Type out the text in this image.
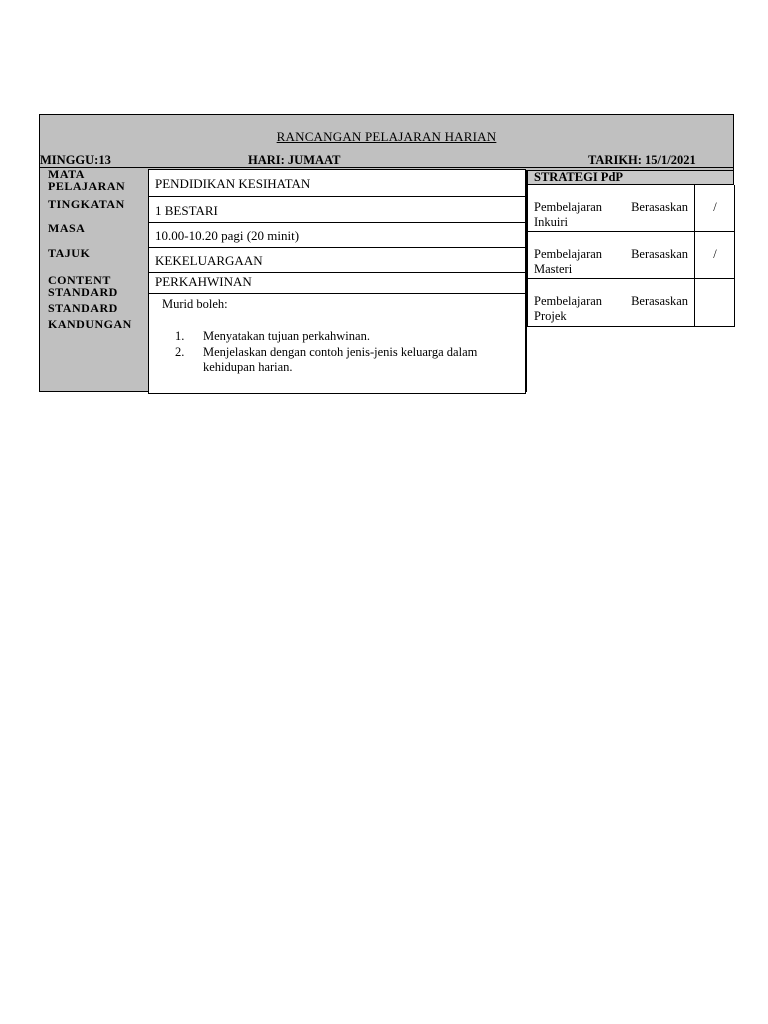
RANCANGAN PELAJARAN HARIAN
MINGGU:13	HARI: JUMAAT	TARIKH: 15/1/2021
MATA
PELAJARAN
TINGKATAN
MASA
TAJUK
CONTENT
STANDARD
STANDARD
KANDUNGAN
PENDIDIKAN KESIHATAN
1 BESTARI
10.00-10.20 pagi (20 minit)
KEKELUARGAAN
PERKAHWINAN
Murid boleh:
1. Menyatakan tujuan perkahwinan.
2. Menjelaskan dengan contoh jenis-jenis keluarga dalam kehidupan harian.
STRATEGI PdP
Pembelajaran Berasaskan
Inkuiri
/
Pembelajaran Berasaskan
Masteri
/
Pembelajaran Berasaskan
Projek
